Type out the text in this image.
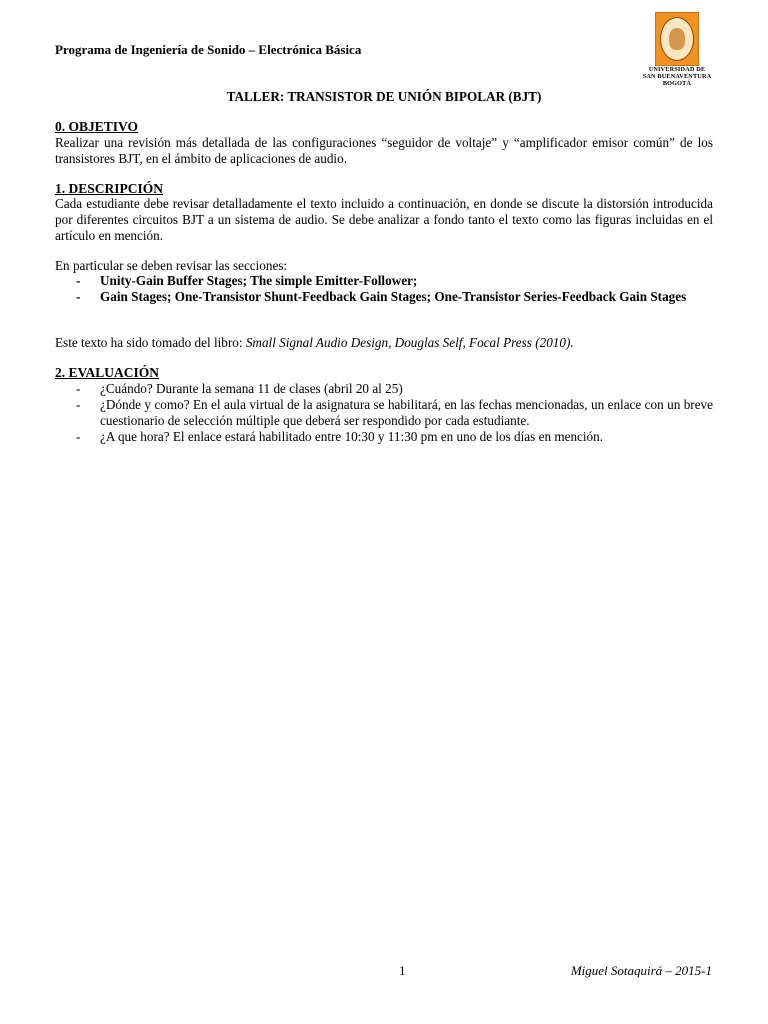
Programa de Ingeniería de Sonido – Electrónica Básica
UNIVERSIDAD DE
SAN BUENAVENTURA
BOGOTÁ
TALLER: TRANSISTOR DE UNIÓN BIPOLAR (BJT)
0. OBJETIVO
Realizar una revisión más detallada de las configuraciones “seguidor de voltaje” y “amplificador emisor común” de los transistores BJT, en el ámbito de aplicaciones de audio.
1. DESCRIPCIÓN
Cada estudiante debe revisar detalladamente el texto incluido a continuación, en donde se discute la distorsión introducida por diferentes circuitos BJT a un sistema de audio. Se debe analizar a fondo tanto el texto como las figuras incluidas en el artículo en mención.
En particular se deben revisar las secciones:
- Unity-Gain Buffer Stages; The simple Emitter-Follower;
- Gain Stages; One-Transistor Shunt-Feedback Gain Stages; One-Transistor Series-Feedback Gain Stages
Este texto ha sido tomado del libro: Small Signal Audio Design, Douglas Self, Focal Press (2010).
2. EVALUACIÓN
- ¿Cuándo? Durante la semana 11 de clases (abril 20 al 25)
- ¿Dónde y como? En el aula virtual de la asignatura se habilitará, en las fechas mencionadas, un enlace con un breve cuestionario de selección múltiple que deberá ser respondido por cada estudiante.
- ¿A que hora? El enlace estará habilitado entre 10:30 y 11:30 pm en uno de los días en mención.
1	Miguel Sotaquirá – 2015-1
